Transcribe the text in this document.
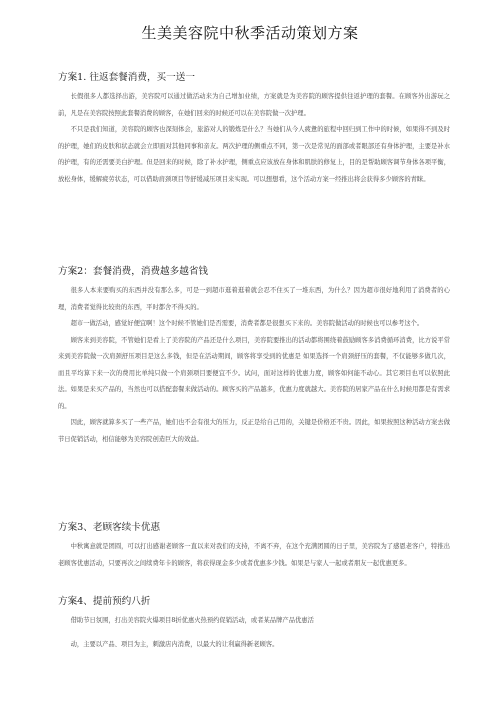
生美美容院中秋季活动策划方案
方案1. 往返套餐消费，买一送一

长假很多人都选择出游，美容院可以通过做活动来为自己增加业绩，方案就是为美容院的顾客提供往返护理的套餐。在顾客外出游玩之前，凡是在美容院按照此套餐消费的顾客，在她们回来的时候还可以在美容院做一次护理。

不只是我们知道，美容院的顾客也深刻体会，旅游对人的锻炼是什么？当她们从今人疲惫的旅程中回归到工作中的时候，如果得不到及时的护理，她们的皮肤和状态就会立即面对其他同事和亲友。两次护理的侧重点不同，第一次是常见的面部或者眼部还有身体护理，主要是补水的护理，有的还需要美白护理。但是回来的时候，除了补水护理，侧重点应该放在身体和肌肤的修复上，目的是帮助顾客调节身体各项平衡，放松身体，缓解疲劳状态，可以借助肩颈项目等舒缓减压项目来实现。可以想想看，这个活动方案一经推出将会获得多少顾客的青睐。

方案2：套餐消费，消费越多越省钱

很多人本来要购买的东西并没有那么多，可是一到超市逛着逛着就会忍不住买了一堆东西，为什么？因为超市很好地利用了消费者的心理，消费者觉得比较贵的东西，平时都舍不得买的。

超市一做活动，感觉好便宜啊！这个时候不管她们是否需要，消费者都是很想买下来的。美容院做活动的时候也可以参考这个。

顾客来到美容院，不管她们是看上了美容院的产品还是什么项目，美容院要推出的活动都将围绕着鼓励顾客多消费循环消费，比方说平常来到美容院做一次肩颈舒压项目是这么多钱，但是在活动期间，顾客将享受到的优惠是 如果选择一个肩颈舒压的套餐，不仅能够多做几次，而且平均算下来一次的费用比单纯只做一个肩颈项目要便宜不少。试问，面对这样的优惠力度，顾客如何能不动心。其它项目也可以依照此法。如果是来买产品的，当然也可以搭配套餐来做活动的。顾客买的产品越多，优惠力度就越大。美容院的居家产品在什么时候用都是有需求的。

因此，顾客就算多买了一些产品，她们也不会有很大的压力，反正是给自己用的，关键是价格还不贵。因此，如果按照这种活动方案去做节日促销活动，相信能够为美容院创造巨大的效益。

方案3、老顾客续卡优惠

中秋寓意就是团圆，可以打出感谢老顾客一直以来对我们的支持，不离不弃，在这个充满团圆的日子里，美容院为了感恩老客户，特推出老顾客优惠活动，只要再次之间续费年卡的顾客，将获得现金多少或者优惠多少钱。如果是与家人一起或者朋友一起优惠更多。

方案4、提前预约八折

借助节日氛围，打出美容院火爆项目8折优惠火热预约促销活动，或者某品牌产品优惠活

动，主要以产品、项目为主，刺激店内消费，以最大的让利赢得新老顾客。
